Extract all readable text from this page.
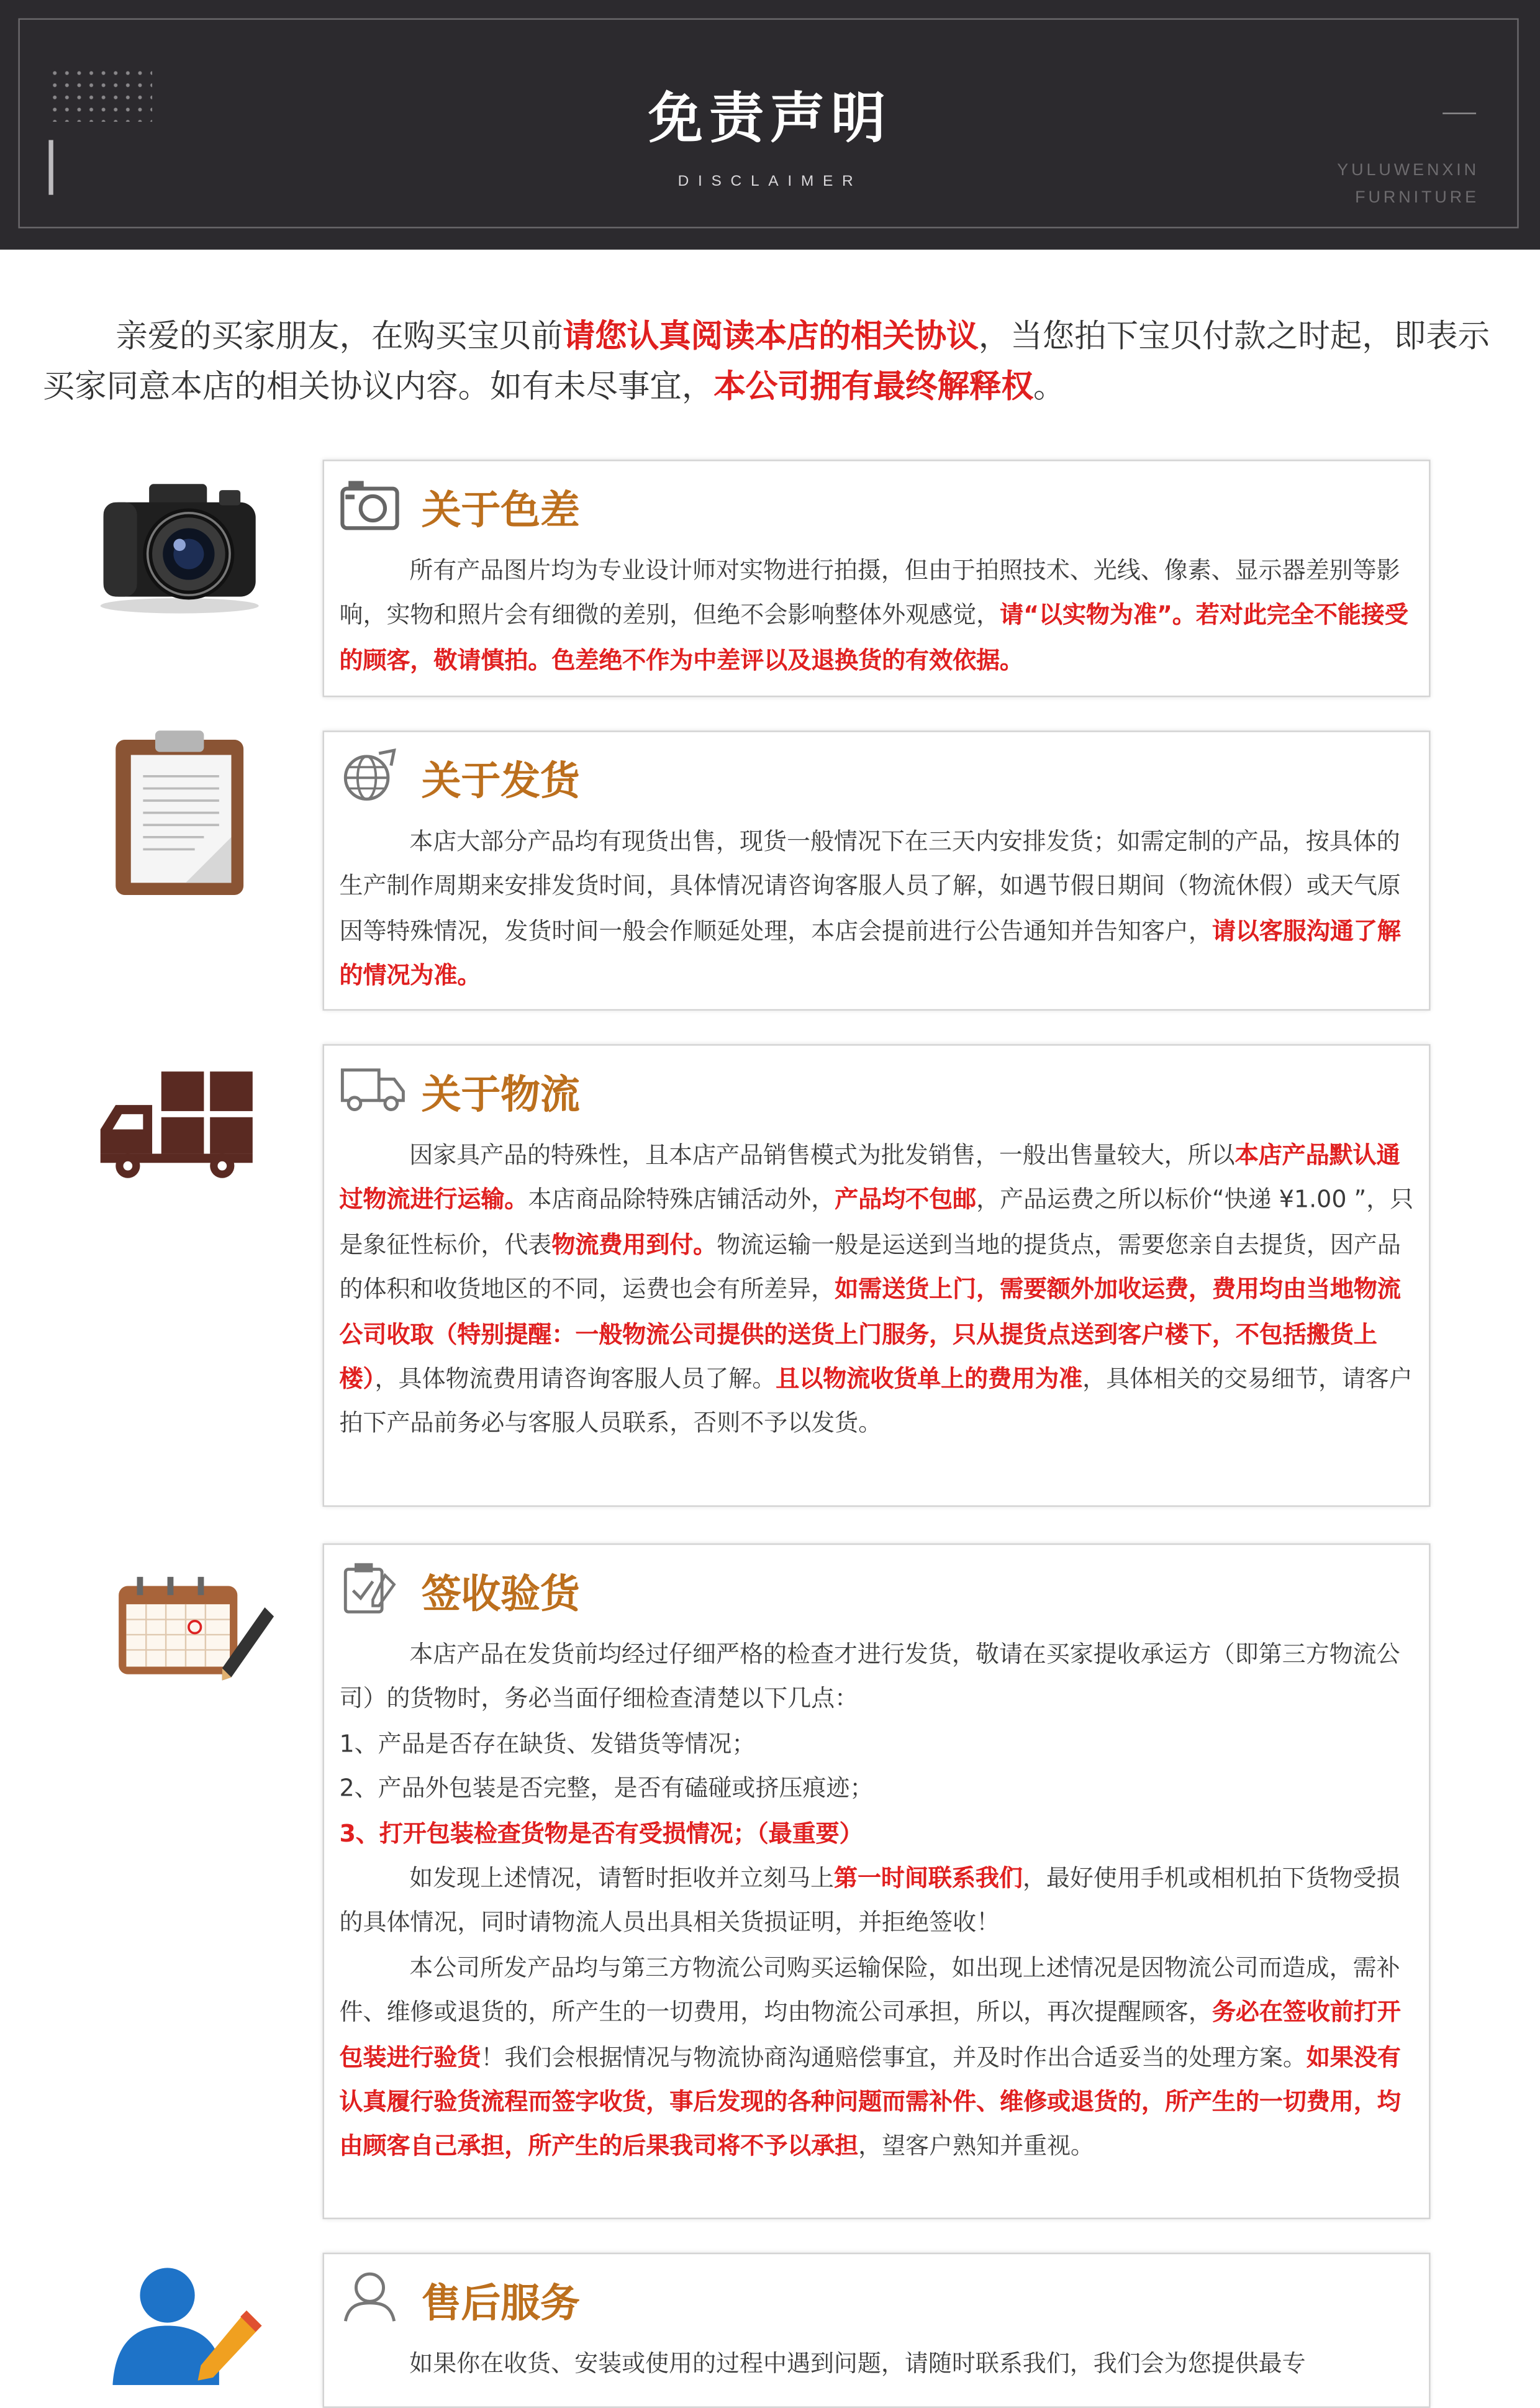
免责声明
DISCLAIMER
YULUWENXIN
FURNITURE
亲爱的买家朋友，在购买宝贝前请您认真阅读本店的相关协议，当您拍下宝贝付款之时起，即表示买家同意本店的相关协议内容。如有未尽事宜，本公司拥有最终解释权。
关于色差

所有产品图片均为专业设计师对实物进行拍摄，但由于拍照技术、光线、像素、显示器差别等影响，实物和照片会有细微的差别，但绝不会影响整体外观感觉，请“以实物为准”。若对此完全不能接受的顾客，敬请慎拍。色差绝不作为中差评以及退换货的有效依据。

关于发货

本店大部分产品均有现货出售，现货一般情况下在三天内安排发货；如需定制的产品，按具体的生产制作周期来安排发货时间，具体情况请咨询客服人员了解，如遇节假日期间（物流休假）或天气原因等特殊情况，发货时间一般会作顺延处理，本店会提前进行公告通知并告知客户，请以客服沟通了解的情况为准。

关于物流

因家具产品的特殊性，且本店产品销售模式为批发销售，一般出售量较大，所以本店产品默认通过物流进行运输。本店商品除特殊店铺活动外，产品均不包邮，产品运费之所以标价“快递 ¥1.00 ”，只是象征性标价，代表物流费用到付。物流运输一般是运送到当地的提货点，需要您亲自去提货，因产品的体积和收货地区的不同，运费也会有所差异，如需送货上门，需要额外加收运费，费用均由当地物流公司收取（特别提醒：一般物流公司提供的送货上门服务，只从提货点送到客户楼下，不包括搬货上楼），具体物流费用请咨询客服人员了解。且以物流收货单上的费用为准，具体相关的交易细节，请客户拍下产品前务必与客服人员联系，否则不予以发货。

签收验货

本店产品在发货前均经过仔细严格的检查才进行发货，敬请在买家提收承运方（即第三方物流公司）的货物时，务必当面仔细检查清楚以下几点：

1、产品是否存在缺货、发错货等情况；

2、产品外包装是否完整，是否有磕碰或挤压痕迹；

3、打开包装检查货物是否有受损情况；（最重要）

如发现上述情况，请暂时拒收并立刻马上第一时间联系我们，最好使用手机或相机拍下货物受损的具体情况，同时请物流人员出具相关货损证明，并拒绝签收！

本公司所发产品均与第三方物流公司购买运输保险，如出现上述情况是因物流公司而造成，需补件、维修或退货的，所产生的一切费用，均由物流公司承担，所以，再次提醒顾客，务必在签收前打开包装进行验货！我们会根据情况与物流协商沟通赔偿事宜，并及时作出合适妥当的处理方案。如果没有认真履行验货流程而签字收货，事后发现的各种问题而需补件、维修或退货的，所产生的一切费用，均由顾客自己承担，所产生的后果我司将不予以承担，望客户熟知并重视。

售后服务

如果你在收货、安装或使用的过程中遇到问题，请随时联系我们，我们会为您提供最专
